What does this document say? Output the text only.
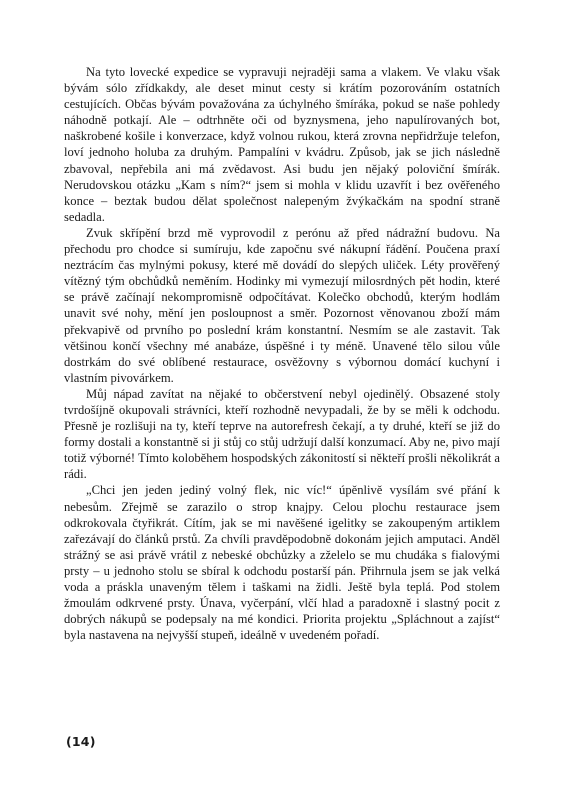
Na tyto lovecké expedice se vypravuji nejraději sama a vlakem. Ve vlaku však bývám sólo zřídkakdy, ale deset minut cesty si krátím pozorováním ostatních cestujících. Občas bývám považována za úchylného šmíráka, pokud se naše pohledy náhodně potkají. Ale – odtrhněte oči od byznysmena, jeho napulírovaných bot, naškrobené košile i konverzace, když volnou rukou, která zrovna nepřidržuje telefon, loví jednoho holuba za druhým. Pampalíni v kvádru. Způsob, jak se jich následně zbavoval, nepřebila ani má zvědavost. Asi budu jen nějaký poloviční šmírák. Nerudovskou otázku „Kam s ním?“ jsem si mohla v klidu uzavřít i bez ověřeného konce – beztak budou dělat společnost nalepeným žvýkačkám na spodní straně sedadla.

Zvuk skřípění brzd mě vyprovodil z perónu až před nádražní budovu. Na přechodu pro chodce si sumíruju, kde započnu své nákupní řádění. Poučena praxí neztrácím čas mylnými pokusy, které mě dovádí do slepých uliček. Léty prověřený vítězný tým obchůdků neměním. Hodinky mi vymezují milosrdných pět hodin, které se právě začínají nekompromisně odpočítávat. Kolečko obchodů, kterým hodlám unavit své nohy, mění jen posloupnost a směr. Pozornost věnovanou zboží mám překvapivě od prvního po poslední krám konstantní. Nesmím se ale zastavit. Tak většinou končí všechny mé anabáze, úspěšné i ty méně. Unavené tělo silou vůle dostrkám do své oblíbené restaurace, osvěžovny s výbornou domácí kuchyní i vlastním pivovárkem.

Můj nápad zavítat na nějaké to občerstvení nebyl ojedinělý. Obsazené stoly tvrdošíjně okupovali strávníci, kteří rozhodně nevypadali, že by se měli k odchodu. Přesně je rozlišuji na ty, kteří teprve na autorefresh čekají, a ty druhé, kteří se již do formy dostali a konstantně si ji stůj co stůj udržují další konzumací. Aby ne, pivo mají totiž výborné! Tímto koloběhem hospodských zákonitostí si někteří prošli několikrát a rádi.

„Chci jen jeden jediný volný flek, nic víc!“ úpěnlivě vysílám své přání k nebesům. Zřejmě se zarazilo o strop knajpy. Celou plochu restaurace jsem odkrokovala čtyřikrát. Cítím, jak se mi navěšené igelitky se zakoupeným artiklem zařezávají do článků prstů. Za chvíli pravděpodobně dokonám jejich amputaci. Anděl strážný se asi právě vrátil z nebeské obchůzky a zželelo se mu chudáka s fialovými prsty – u jednoho stolu se sbíral k odchodu postarší pán. Přihrnula jsem se jak velká voda a práskla unaveným tělem i taškami na židli. Ještě byla teplá. Pod stolem žmoulám odkrvené prsty. Únava, vyčerpání, vlčí hlad a paradoxně i slastný pocit z dobrých nákupů se podepsaly na mé kondici. Priorita projektu „Spláchnout a zajíst“ byla nastavena na nejvyšší stupeň, ideálně v uvedeném pořadí.

(14)
